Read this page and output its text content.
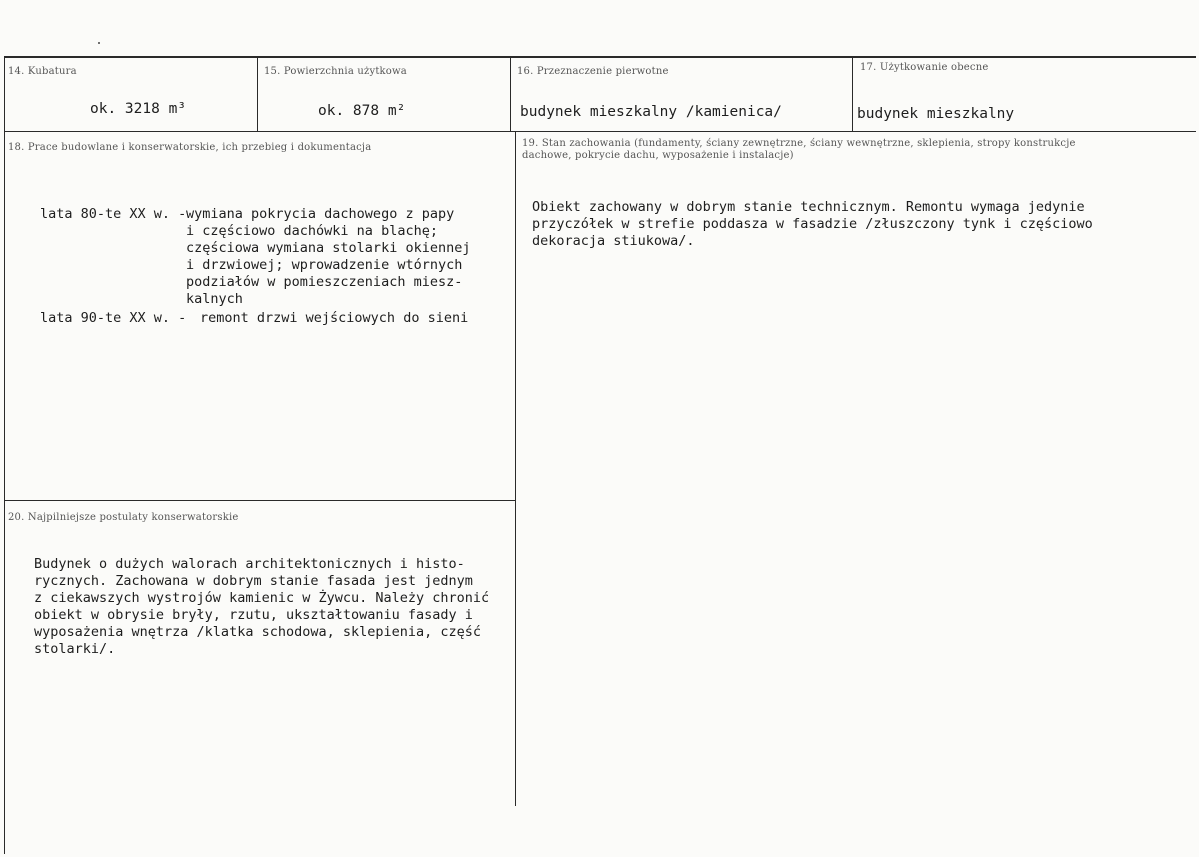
14. Kubatura
ok. 3218 m³
15. Powierzchnia użytkowa
ok. 878 m²
16. Przeznaczenie pierwotne
budynek mieszkalny /kamienica/
17. Użytkowanie obecne
budynek mieszkalny
18. Prace budowlane i konserwatorskie, ich przebieg i dokumentacja
lata 80-te XX w. - wymiana pokrycia dachowego z papy
i częściowo dachówki na blachę;
częściowa wymiana stolarki okiennej
i drzwiowej; wprowadzenie wtórnych
podziałów w pomieszczeniach miesz-
kalnych
lata 90-te XX w. - remont drzwi wejściowych do sieni
19. Stan zachowania (fundamenty, ściany zewnętrzne, ściany wewnętrzne, sklepienia, stropy konstrukcje dachowe, pokrycie dachu, wyposażenie i instalacje)
Obiekt zachowany w dobrym stanie technicznym. Remontu wymaga jedynie
przyczółek w strefie poddasza w fasadzie /złuszczony tynk i częściowo
dekoracja stiukowa/.
20. Najpilniejsze postulaty konserwatorskie
Budynek o dużych walorach architektonicznych i histo-
rycznych. Zachowana w dobrym stanie fasada jest jednym
z ciekawszych wystrojów kamienic w Żywcu. Należy chronić
obiekt w obrysie bryły, rzutu, ukształtowaniu fasady i
wyposażenia wnętrza /klatka schodowa, sklepienia, część
stolarki/.
